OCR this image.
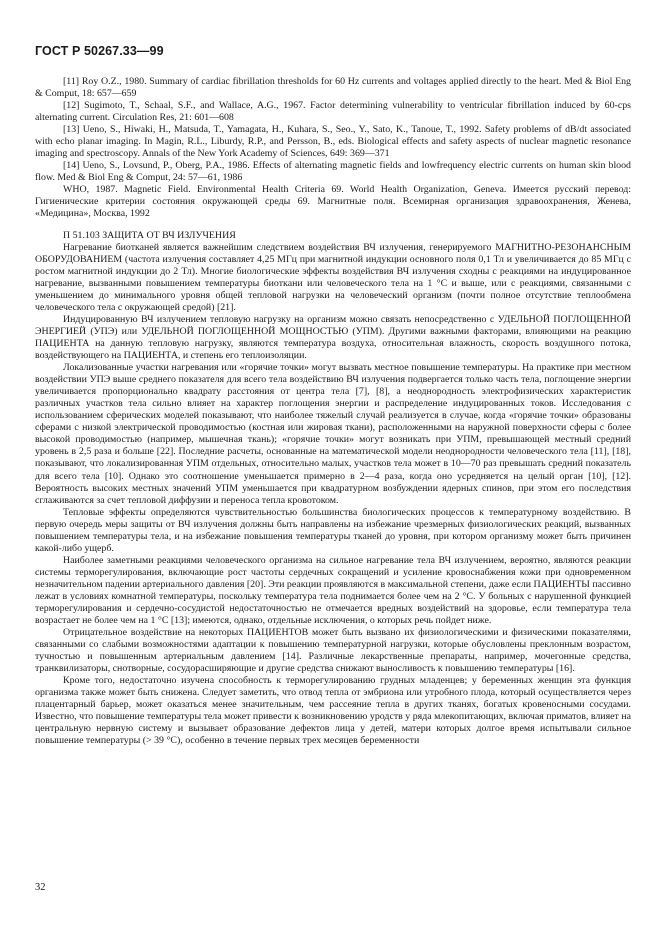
ГОСТ Р 50267.33—99

[11] Roy O.Z., 1980. Summary of cardiac fibrillation thresholds for 60 Hz currents and voltages applied directly to the heart. Med & Biol Eng & Comput, 18: 657—659

[12] Sugimoto, T., Schaal, S.F., and Wallace, A.G., 1967. Factor determining vulnerability to ventricular fibrillation induced by 60-cps alternating current. Circulation Res, 21: 601—608

[13] Ueno, S., Hiwaki, H., Matsuda, T., Yamagata, H., Kuhara, S., Seo., Y., Sato, K., Tanoue, T., 1992. Safety problems of dB/dt associated with echo planar imaging. In Magin, R.L., Liburdy, R.P., and Persson, B., eds. Biological effects and safety aspects of nuclear magnetic resonance imaging and spectroscopy. Annals of the New York Academy of Sciences, 649: 369—371

[14] Ueno, S., Lovsund, P., Oberg, P.A., 1986. Effects of alternating magnetic fields and lowfrequency electric currents on human skin blood flow. Med & Biol Eng & Comput, 24: 57—61, 1986

WHO, 1987. Magnetic Field. Environmental Health Criteria 69. World Health Organization, Geneva. Имеется русский перевод: Гигиенические критерии состояния окружающей среды 69. Магнитные поля. Всемирная организация здравоохранения, Женева, «Медицина», Москва, 1992

П 51.103 ЗАЩИТА ОТ ВЧ ИЗЛУЧЕНИЯ

Нагревание биотканей является важнейшим следствием воздействия ВЧ излучения, генерируемого МАГНИТНО-РЕЗОНАНСНЫМ ОБОРУДОВАНИЕМ (частота излучения составляет 4,25 МГц при магнитной индукции основного поля 0,1 Тл и увеличивается до 85 МГц с ростом магнитной индукции до 2 Тл). Многие биологические эффекты воздействия ВЧ излучения сходны с реакциями на индуцированное нагревание, вызванными повышением температуры биоткани или человеческого тела на 1 °С и выше, или с реакциями, связанными с уменьшением до минимального уровня общей тепловой нагрузки на человеческий организм (почти полное отсутствие теплообмена человеческого тела с окружающей средой) [21].

Индуцированную ВЧ излучением тепловую нагрузку на организм можно связать непосредственно с УДЕЛЬНОЙ ПОГЛОЩЕННОЙ ЭНЕРГИЕЙ (УПЭ) или УДЕЛЬНОЙ ПОГЛОЩЕННОЙ МОЩНОСТЬЮ (УПМ). Другими важными факторами, влияющими на реакцию ПАЦИЕНТА на данную тепловую нагрузку, являются температура воздуха, относительная влажность, скорость воздушного потока, воздействующего на ПАЦИЕНТА, и степень его теплоизоляции.

Локализованные участки нагревания или «горячие точки» могут вызвать местное повышение температуры. На практике при местном воздействии УПЭ выше среднего показателя для всего тела воздействию ВЧ излучения подвергается только часть тела, поглощение энергии увеличивается пропорционально квадрату расстояния от центра тела [7], [8], а неоднородность электрофизических характеристик различных участков тела сильно влияет на характер поглощения энергии и распределение индуцированных токов. Исследования с использованием сферических моделей показывают, что наиболее тяжелый случай реализуется в случае, когда «горячие точки» образованы сферами с низкой электрической проводимостью (костная или жировая ткани), расположенными на наружной поверхности сферы с более высокой проводимостью (например, мышечная ткань); «горячие точки» могут возникать при УПМ, превышающей местный средний уровень в 2,5 раза и больше [22]. Последние расчеты, основанные на математической модели неоднородности человеческого тела [11], [18], показывают, что локализированная УПМ отдельных, относительно малых, участков тела может в 10—70 раз превышать средний показатель для всего тела [10]. Однако это соотношение уменьшается примерно в 2—4 раза, когда оно усредняется на целый орган [10], [12]. Вероятность высоких местных значений УПМ уменьшается при квадратурном возбуждении ядерных спинов, при этом его последствия сглаживаются за счет тепловой диффузии и переноса тепла кровотоком.

Тепловые эффекты определяются чувствительностью большинства биологических процессов к температурному воздействию. В первую очередь меры защиты от ВЧ излучения должны быть направлены на избежание чрезмерных физиологических реакций, вызванных повышением температуры тела, и на избежание повышения температуры тканей до уровня, при котором организму может быть причинен какой-либо ущерб.

Наиболее заметными реакциями человеческого организма на сильное нагревание тела ВЧ излучением, вероятно, являются реакции системы терморегулирования, включающие рост частоты сердечных сокращений и усиление кровоснабжения кожи при одновременном незначительном падении артериального давления [20]. Эти реакции проявляются в максимальной степени, даже если ПАЦИЕНТЫ пассивно лежат в условиях комнатной температуры, поскольку температура тела поднимается более чем на 2 °С. У больных с нарушенной функцией терморегулирования и сердечно-сосудистой недостаточностью не отмечается вредных воздействий на здоровье, если температура тела возрастает не более чем на 1 °С [13]; имеются, однако, отдельные исключения, о которых речь пойдет ниже.

Отрицательное воздействие на некоторых ПАЦИЕНТОВ может быть вызвано их физиологическими и физическими показателями, связанными со слабыми возможностями адаптации к повышению температурной нагрузки, которые обусловлены преклонным возрастом, тучностью и повышенным артериальным давлением [14]. Различные лекарственные препараты, например, мочегонные средства, транквилизаторы, снотворные, сосудорасширяющие и другие средства снижают выносливость к повышению температуры [16].

Кроме того, недостаточно изучена способность к терморегулированию грудных младенцев; у беременных женщин эта функция организма также может быть снижена. Следует заметить, что отвод тепла от эмбриона или утробного плода, который осуществляется через плацентарный барьер, может оказаться менее значительным, чем рассеяние тепла в других тканях, богатых кровеносными сосудами. Известно, что повышение температуры тела может привести к возникновению уродств у ряда млекопитающих, включая приматов, влияет на центральную нервную систему и вызывает образование дефектов лица у детей, матери которых долгое время испытывали сильное повышение температуры (> 39 °С), особенно в течение первых трех месяцев беременности

32
